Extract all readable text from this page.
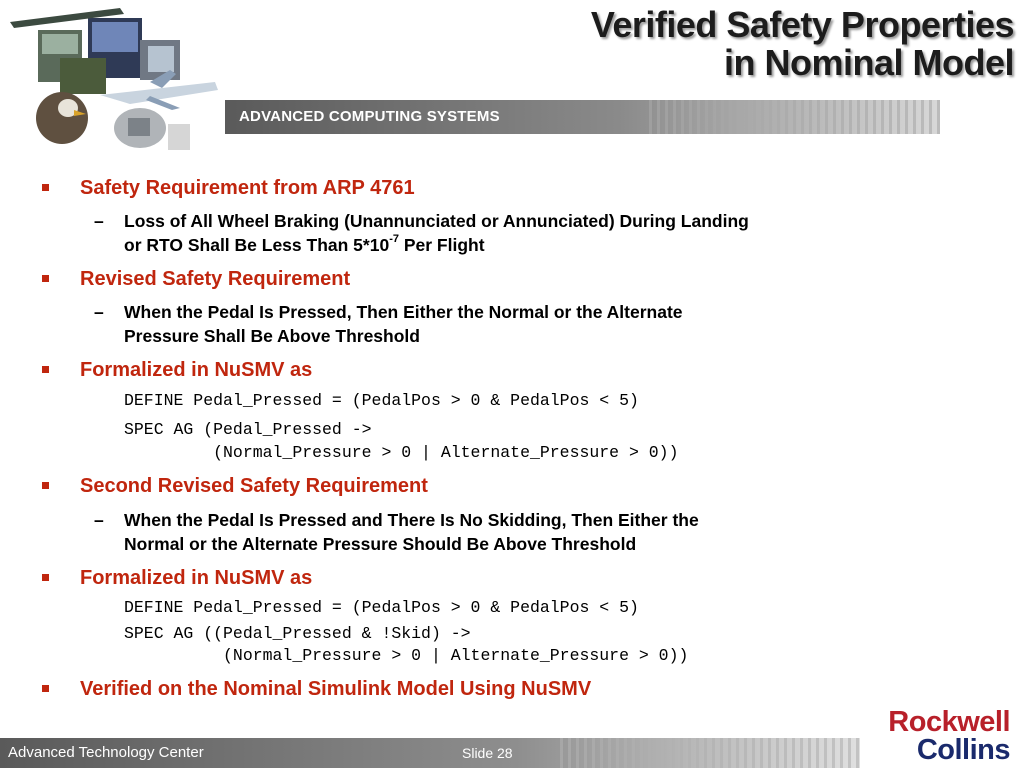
Verified Safety Properties
in Nominal Model
ADVANCED COMPUTING SYSTEMS
Safety Requirement from ARP 4761
– Loss of All Wheel Braking (Unannunciated or Annunciated) During Landing
or RTO Shall Be Less Than $5*10^{-7}$ Per Flight
Revised Safety Requirement
– When the Pedal Is Pressed, Then Either the Normal or the Alternate
Pressure Shall Be Above Threshold
Formalized in NuSMV as
DEFINE Pedal_Pressed = (PedalPos > 0 & PedalPos < 5)
SPEC AG (Pedal_Pressed ->
(Normal_Pressure > 0 | Alternate_Pressure > 0))
Second Revised Safety Requirement
– When the Pedal Is Pressed and There Is No Skidding, Then Either the
Normal or the Alternate Pressure Should Be Above Threshold
Formalized in NuSMV as
DEFINE Pedal_Pressed = (PedalPos > 0 & PedalPos < 5)
SPEC AG ((Pedal_Pressed & !Skid) ->
(Normal_Pressure > 0 | Alternate_Pressure > 0))
Verified on the Nominal Simulink Model Using NuSMV
Advanced Technology Center	Slide 28
Rockwell
Collins
